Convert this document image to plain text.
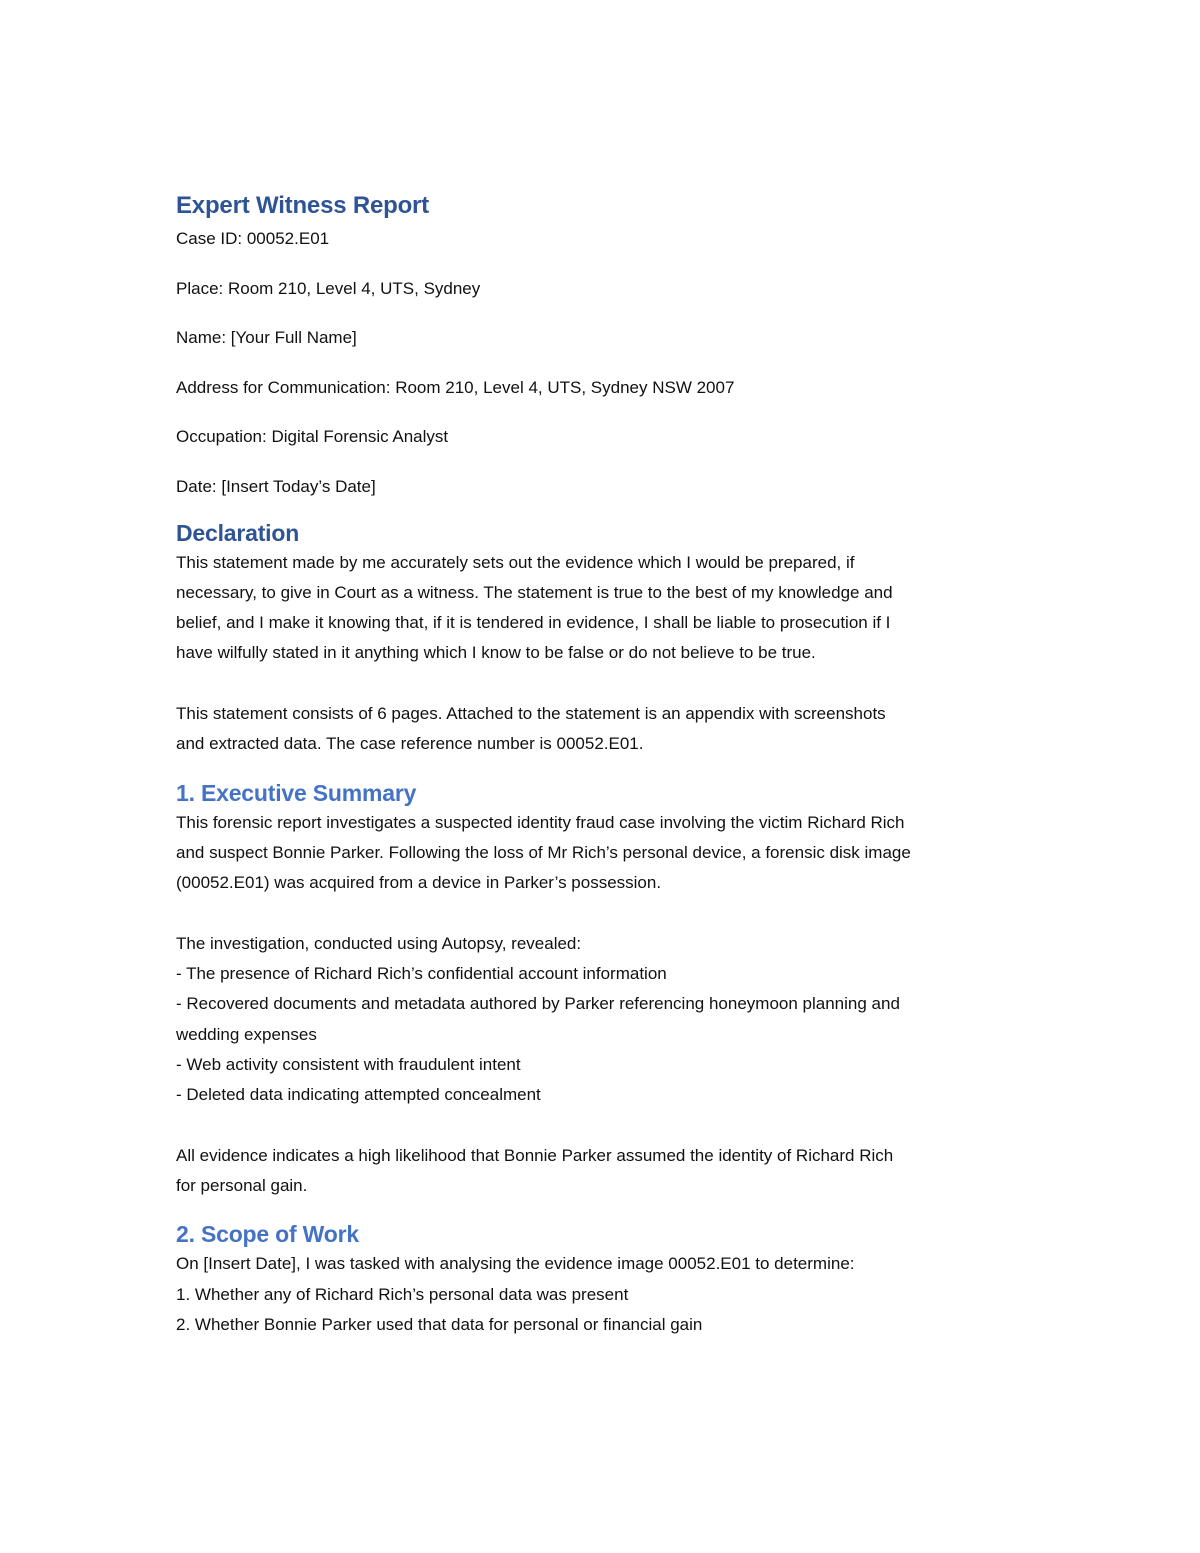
Expert Witness Report
Case ID: 00052.E01
Place: Room 210, Level 4, UTS, Sydney
Name: [Your Full Name]
Address for Communication: Room 210, Level 4, UTS, Sydney NSW 2007
Occupation: Digital Forensic Analyst
Date: [Insert Today’s Date]
Declaration
This statement made by me accurately sets out the evidence which I would be prepared, if
necessary, to give in Court as a witness. The statement is true to the best of my knowledge and
belief, and I make it knowing that, if it is tendered in evidence, I shall be liable to prosecution if I
have wilfully stated in it anything which I know to be false or do not believe to be true.
This statement consists of 6 pages. Attached to the statement is an appendix with screenshots
and extracted data. The case reference number is 00052.E01.
1. Executive Summary
This forensic report investigates a suspected identity fraud case involving the victim Richard Rich
and suspect Bonnie Parker. Following the loss of Mr Rich’s personal device, a forensic disk image
(00052.E01) was acquired from a device in Parker’s possession.
The investigation, conducted using Autopsy, revealed:
- The presence of Richard Rich’s confidential account information
- Recovered documents and metadata authored by Parker referencing honeymoon planning and
wedding expenses
- Web activity consistent with fraudulent intent
- Deleted data indicating attempted concealment
All evidence indicates a high likelihood that Bonnie Parker assumed the identity of Richard Rich
for personal gain.
2. Scope of Work
On [Insert Date], I was tasked with analysing the evidence image 00052.E01 to determine:
1. Whether any of Richard Rich’s personal data was present
2. Whether Bonnie Parker used that data for personal or financial gain
